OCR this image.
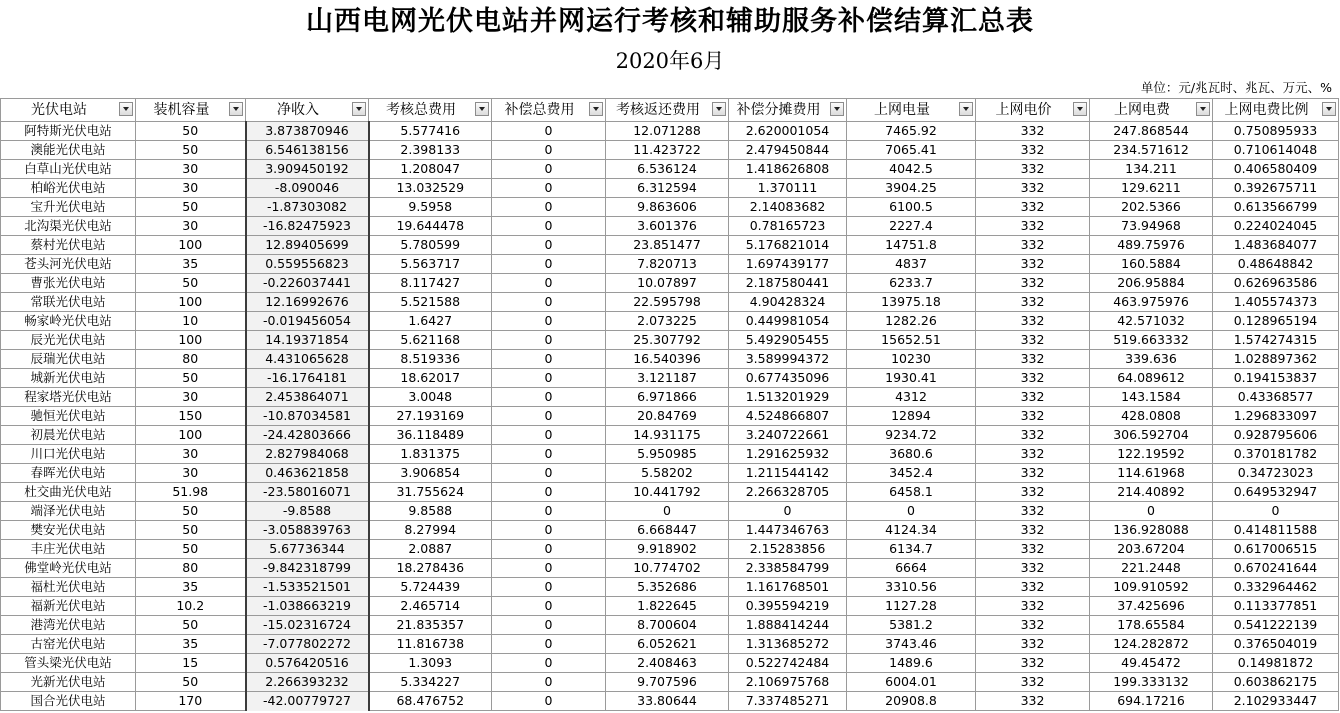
山西电网光伏电站并网运行考核和辅助服务补偿结算汇总表
2020年6月
单位：元/兆瓦时、兆瓦、万元、%
光伏电站	装机容量	净收入	考核总费用	补偿总费用	考核返还费用	补偿分摊费用	上网电量	上网电价	上网电费	上网电费比例

阿特斯光伏电站	50	3.873870946	5.577416	0	12.071288	2.620001054	7465.92	332	247.868544	0.750895933
澳能光伏电站	50	6.546138156	2.398133	0	11.423722	2.479450844	7065.41	332	234.571612	0.710614048
白草山光伏电站	30	3.909450192	1.208047	0	6.536124	1.418626808	4042.5	332	134.211	0.406580409
柏峪光伏电站	30	-8.090046	13.032529	0	6.312594	1.370111	3904.25	332	129.6211	0.392675711
宝升光伏电站	50	-1.87303082	9.5958	0	9.863606	2.14083682	6100.5	332	202.5366	0.613566799
北沟渠光伏电站	30	-16.82475923	19.644478	0	3.601376	0.78165723	2227.4	332	73.94968	0.224024045
蔡村光伏电站	100	12.89405699	5.780599	0	23.851477	5.176821014	14751.8	332	489.75976	1.483684077
苍头河光伏电站	35	0.559556823	5.563717	0	7.820713	1.697439177	4837	332	160.5884	0.48648842
曹张光伏电站	50	-0.226037441	8.117427	0	10.07897	2.187580441	6233.7	332	206.95884	0.626963586
常联光伏电站	100	12.16992676	5.521588	0	22.595798	4.90428324	13975.18	332	463.975976	1.405574373
畅家岭光伏电站	10	-0.019456054	1.6427	0	2.073225	0.449981054	1282.26	332	42.571032	0.128965194
辰光光伏电站	100	14.19371854	5.621168	0	25.307792	5.492905455	15652.51	332	519.663332	1.574274315
辰瑞光伏电站	80	4.431065628	8.519336	0	16.540396	3.589994372	10230	332	339.636	1.028897362
城新光伏电站	50	-16.1764181	18.62017	0	3.121187	0.677435096	1930.41	332	64.089612	0.194153837
程家塔光伏电站	30	2.453864071	3.0048	0	6.971866	1.513201929	4312	332	143.1584	0.43368577
驰恒光伏电站	150	-10.87034581	27.193169	0	20.84769	4.524866807	12894	332	428.0808	1.296833097
初晨光伏电站	100	-24.42803666	36.118489	0	14.931175	3.240722661	9234.72	332	306.592704	0.928795606
川口光伏电站	30	2.827984068	1.831375	0	5.950985	1.291625932	3680.6	332	122.19592	0.370181782
春晖光伏电站	30	0.463621858	3.906854	0	5.58202	1.211544142	3452.4	332	114.61968	0.34723023
杜交曲光伏电站	51.98	-23.58016071	31.755624	0	10.441792	2.266328705	6458.1	332	214.40892	0.649532947
端泽光伏电站	50	-9.8588	9.8588	0	0	0	0	332	0	0
樊安光伏电站	50	-3.058839763	8.27994	0	6.668447	1.447346763	4124.34	332	136.928088	0.414811588
丰庄光伏电站	50	5.67736344	2.0887	0	9.918902	2.15283856	6134.7	332	203.67204	0.617006515
佛堂岭光伏电站	80	-9.842318799	18.278436	0	10.774702	2.338584799	6664	332	221.2448	0.670241644
福杜光伏电站	35	-1.533521501	5.724439	0	5.352686	1.161768501	3310.56	332	109.910592	0.332964462
福新光伏电站	10.2	-1.038663219	2.465714	0	1.822645	0.395594219	1127.28	332	37.425696	0.113377851
港湾光伏电站	50	-15.02316724	21.835357	0	8.700604	1.888414244	5381.2	332	178.65584	0.541222139
古窑光伏电站	35	-7.077802272	11.816738	0	6.052621	1.313685272	3743.46	332	124.282872	0.376504019
管头梁光伏电站	15	0.576420516	1.3093	0	2.408463	0.522742484	1489.6	332	49.45472	0.14981872
光新光伏电站	50	2.266393232	5.334227	0	9.707596	2.106975768	6004.01	332	199.333132	0.603862175
国合光伏电站	170	-42.00779727	68.476752	0	33.80644	7.337485271	20908.8	332	694.17216	2.102933447
